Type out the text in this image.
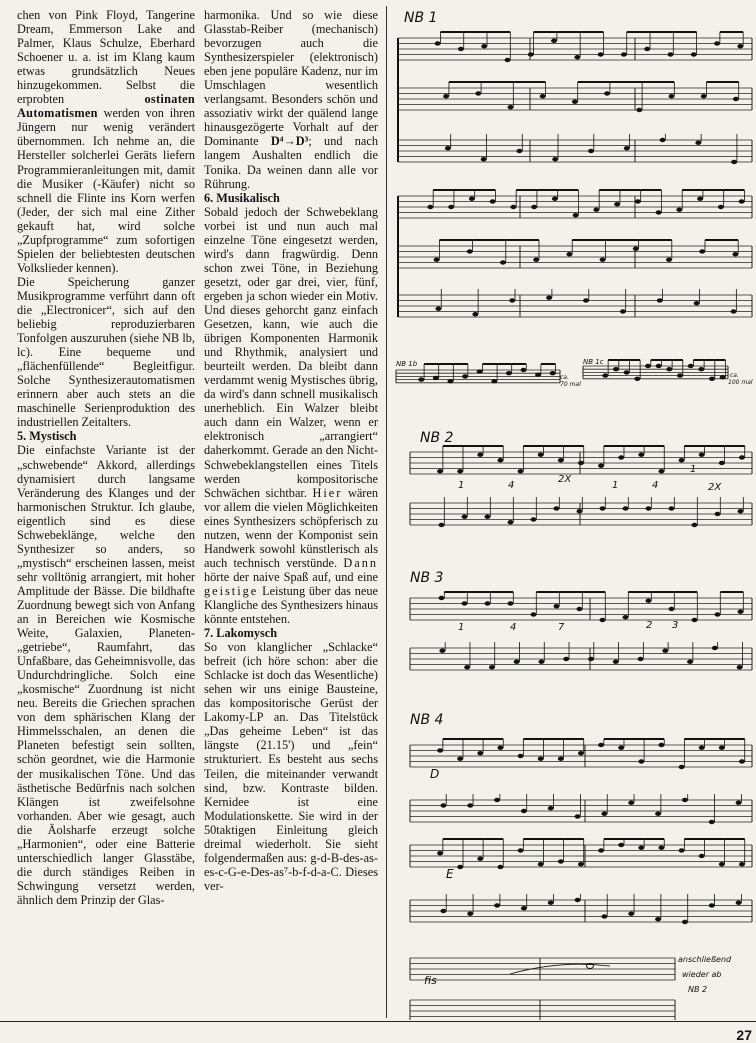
chen von Pink Floyd, Tangerine Dream, Emmerson Lake and Palmer, Klaus Schulze, Eberhard Schoener u. a. ist im Klang kaum etwas grundsätzlich Neues hinzugekommen. Selbst die erprobten	ostinaten Automatismen werden von ihren Jüngern nur wenig verändert übernommen. Ich nehme an, die Hersteller solcherlei Geräts liefern Programmieranleitungen mit, damit die Musiker (-Käufer) nicht so schnell die Flinte ins Korn werfen (Jeder, der sich mal eine Zither gekauft hat, wird solche „Zupfprogramme“ zum sofortigen Spielen der beliebtesten deutschen Volkslieder kennen).

Die Speicherung ganzer Musikprogramme verführt dann oft die „Electronicer“, sich auf den beliebig reproduzierbaren Tonfolgen auszuruhen (siehe NB lb, lc). Eine bequeme und „flächenfüllende“ Begleitfigur. Solche Synthesizerautomatismen erinnern aber auch stets an die maschinelle Serienproduktion des industriellen Zeitalters.

5. Mystisch

Die einfachste Variante ist der „schwebende“ Akkord, allerdings dynamisiert durch langsame Veränderung des Klanges und der harmonischen Struktur. Ich glaube, eigentlich sind es diese Schwebeklänge, welche den Synthesizer so anders, so „mystisch“ erscheinen lassen, meist sehr volltönig arrangiert, mit hoher Amplitude der Bässe. Die bildhafte Zuordnung bewegt sich von Anfang an in Bereichen wie Kosmische Weite, Galaxien, Planeten-„getriebe“, Raumfahrt, das Unfaßbare, das Geheimnisvolle, das Undurchdringliche. Solch eine „kosmische“ Zuordnung ist nicht neu. Bereits die Griechen sprachen von dem sphärischen Klang der Himmelsschalen, an denen die Planeten befestigt sein sollten, schön geordnet, wie die Harmonie der musikalischen Töne. Und das ästhetische Bedürfnis nach solchen Klängen ist zweifelsohne vorhanden. Aber wie gesagt, auch die Äolsharfe erzeugt solche „Harmonien“, oder eine Batterie unterschiedlich langer Glasstäbe, die durch ständiges Reiben in Schwingung versetzt werden, ähnlich dem Prinzip der Glas-

harmonika. Und so wie diese Glasstab-Reiber (mechanisch) bevorzugen auch die Synthesizerspieler (elektronisch) eben jene populäre Kadenz, nur im Umschlagen wesentlich verlangsamt. Besonders schön und assoziativ wirkt der quälend lange hinausgezögerte Vorhalt auf der Dominante D⁴→D³; und nach langem Aushalten endlich die Tonika. Da weinen dann alle vor Rührung.

6. Musikalisch

Sobald jedoch der Schwebeklang vorbei ist und nun auch mal einzelne Töne eingesetzt werden, wird's dann fragwürdig. Denn schon zwei Töne, in Beziehung gesetzt, oder gar drei, vier, fünf, ergeben ja schon wieder ein Motiv. Und dieses gehorcht ganz einfach Gesetzen, kann, wie auch die übrigen Komponenten Harmonik und Rhythmik, analysiert und beurteilt werden. Da bleibt dann verdammt wenig Mystisches übrig, da wird's dann schnell musikalisch unerheblich. Ein Walzer bleibt auch dann ein Walzer, wenn er elektronisch „arrangiert“ daherkommt. Gerade an den Nicht-Schwebeklangstellen eines Titels werden kompositorische Schwächen sichtbar. Hier wären vor allem die vielen Möglichkeiten eines Synthesizers schöpferisch zu nutzen, wenn der Komponist sein Handwerk sowohl künstlerisch als auch technisch verstünde. Dann hörte der naive Spaß auf, und eine geistige Leistung über das neue Klangliche des Synthesizers hinaus könnte entstehen.

7. Lakomysch

So von klanglicher „Schlacke“ befreit (ich höre schon: aber die Schlacke ist doch das Wesentliche) sehen wir uns einige Bausteine, das kompositorische Gerüst der Lakomy-LP an. Das Titelstück „Das geheime Leben“ ist das längste (21.15') und „fein“ strukturiert. Es besteht aus sechs Teilen, die miteinander verwandt sind, bzw. Kontraste bilden. Kernidee ist eine Modulationskette. Sie wird in der 50taktigen Einleitung gleich dreimal wiederholt. Sie sieht folgendermaßen aus: g-d-B-des-as-es-c-G-e-Des-as⁷-b-f-d-a-C. Dieses ver-

NB 1
NB 1b
ca.
70 mal
NB 1c
ca.
100 mal
NB 2
NB 3
NB 4
D
E
fis
anschließend
wieder ab
NB 2
1	4
2X
1	4
1
2X
1	4	7	2 3
27
